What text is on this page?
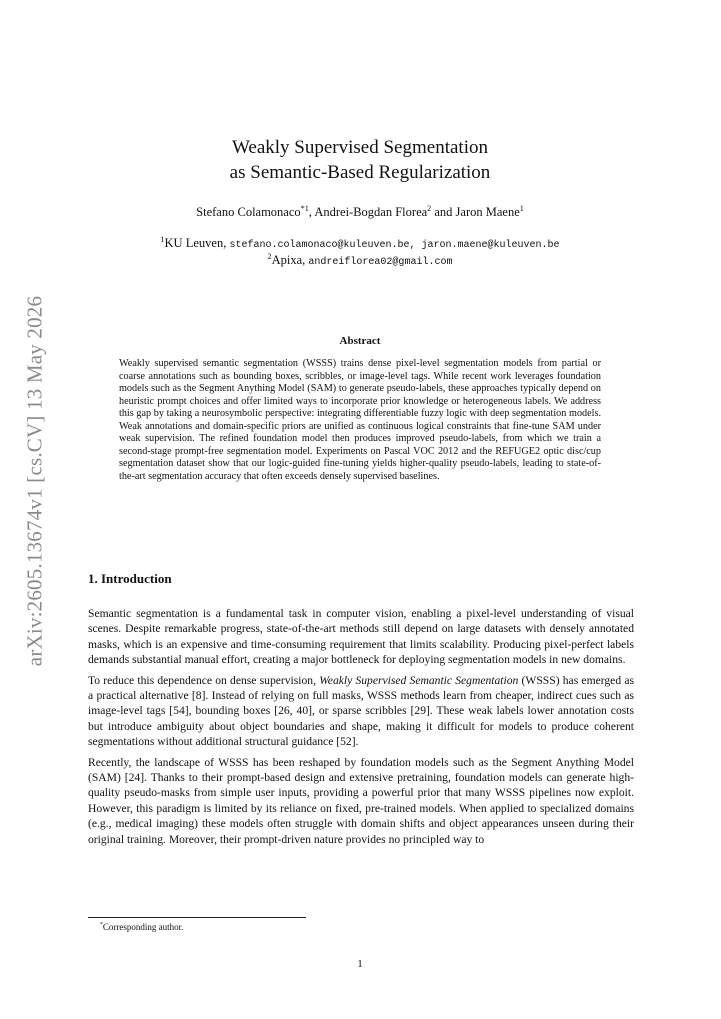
arXiv:2605.13674v1 [cs.CV] 13 May 2026
Weakly Supervised Segmentation
as Semantic-Based Regularization
Stefano Colamonaco$^{*1}$, Andrei-Bogdan Florea$^2$ and Jaron Maene$^1$
$^1$KU Leuven, stefano.colamonaco@kuleuven.be, jaron.maene@kuleuven.be
$^2$Apixa, andreiflorea02@gmail.com
Abstract
Weakly supervised semantic segmentation (WSSS) trains dense pixel-level segmentation models from partial or coarse annotations such as bounding boxes, scribbles, or image-level tags. While recent work leverages foundation models such as the Segment Anything Model (SAM) to generate pseudo-labels, these approaches typically depend on heuristic prompt choices and offer limited ways to incorporate prior knowledge or heterogeneous labels. We address this gap by taking a neurosymbolic perspective: integrating differentiable fuzzy logic with deep segmentation models. Weak annotations and domain-specific priors are unified as continuous logical constraints that fine-tune SAM under weak supervision. The refined foundation model then produces improved pseudo-labels, from which we train a second-stage prompt-free segmentation model. Experiments on Pascal VOC 2012 and the REFUGE2 optic disc/cup segmentation dataset show that our logic-guided fine-tuning yields higher-quality pseudo-labels, leading to state-of-the-art segmentation accuracy that often exceeds densely supervised baselines.
1. Introduction

Semantic segmentation is a fundamental task in computer vision, enabling a pixel-level understanding of visual scenes. Despite remarkable progress, state-of-the-art methods still depend on large datasets with densely annotated masks, which is an expensive and time-consuming requirement that limits scalability. Producing pixel-perfect labels demands substantial manual effort, creating a major bottleneck for deploying segmentation models in new domains.

To reduce this dependence on dense supervision, Weakly Supervised Semantic Segmentation (WSSS) has emerged as a practical alternative [8]. Instead of relying on full masks, WSSS methods learn from cheaper, indirect cues such as image-level tags [54], bounding boxes [26, 40], or sparse scribbles [29]. These weak labels lower annotation costs but introduce ambiguity about object boundaries and shape, making it difficult for models to produce coherent segmentations without additional structural guidance [52].

Recently, the landscape of WSSS has been reshaped by foundation models such as the Segment Anything Model (SAM) [24]. Thanks to their prompt-based design and extensive pretraining, foundation models can generate high-quality pseudo-masks from simple user inputs, providing a powerful prior that many WSSS pipelines now exploit. However, this paradigm is limited by its reliance on fixed, pre-trained models. When applied to specialized domains (e.g., medical imaging) these models often struggle with domain shifts and object appearances unseen during their original training. Moreover, their prompt-driven nature provides no principled way to

*Corresponding author.
1
